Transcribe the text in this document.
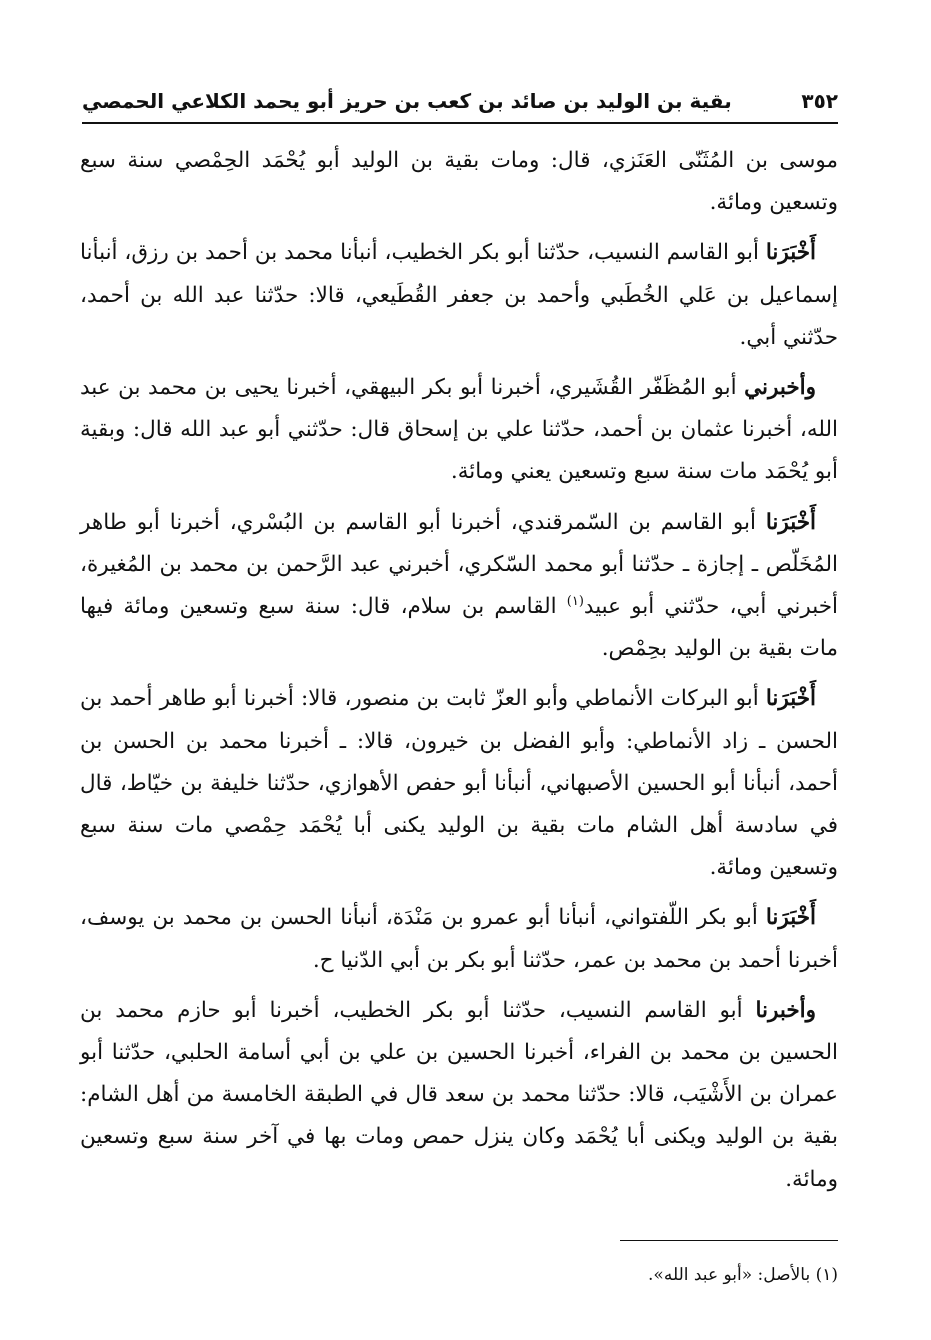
٣٥٢
بقية بن الوليد بن صائد بن كعب بن حريز أبو يحمد الكلاعي الحمصي

موسى بن المُثَنّى العَنَزي، قال: ومات بقية بن الوليد أبو يُحْمَد الحِمْصي سنة سبع وتسعين ومائة.

أَخْبَرَنا أبو القاسم النسيب، حدّثنا أبو بكر الخطيب، أنبأنا محمد بن أحمد بن رزق، أنبأنا إسماعيل بن عَلي الخُطَبي وأحمد بن جعفر القُطَيعي، قالا: حدّثنا عبد الله بن أحمد، حدّثني أبي.

وأخبرني أبو المُظَفّر القُشَيري، أخبرنا أبو بكر البيهقي، أخبرنا يحيى بن محمد بن عبد الله، أخبرنا عثمان بن أحمد، حدّثنا علي بن إسحاق قال: حدّثني أبو عبد الله قال: وبقية أبو يُحْمَد مات سنة سبع وتسعين يعني ومائة.

أَخْبَرَنا أبو القاسم بن السّمرقندي، أخبرنا أبو القاسم بن البُسْري، أخبرنا أبو طاهر المُخَلّص ـ إجازة ـ حدّثنا أبو محمد السّكري، أخبرني عبد الرَّحمن بن محمد بن المُغيرة، أخبرني أبي، حدّثني أبو عبيد$^{(١)}$ القاسم بن سلام، قال: سنة سبع وتسعين ومائة فيها مات بقية بن الوليد بحِمْص.

أَخْبَرَنا أبو البركات الأنماطي وأبو العزّ ثابت بن منصور، قالا: أخبرنا أبو طاهر أحمد بن الحسن ـ زاد الأنماطي: وأبو الفضل بن خيرون، قالا: ـ أخبرنا محمد بن الحسن بن أحمد، أنبأنا أبو الحسين الأصبهاني، أنبأنا أبو حفص الأهوازي، حدّثنا خليفة بن خيّاط، قال في سادسة أهل الشام مات بقية بن الوليد يكنى أبا يُحْمَد حِمْصي مات سنة سبع وتسعين ومائة.

أَخْبَرَنا أبو بكر اللّفتواني، أنبأنا أبو عمرو بن مَنْدَة، أنبأنا الحسن بن محمد بن يوسف، أخبرنا أحمد بن محمد بن عمر، حدّثنا أبو بكر بن أبي الدّنيا ح.

وأخبرنا أبو القاسم النسيب، حدّثنا أبو بكر الخطيب، أخبرنا أبو حازم محمد بن الحسين بن محمد بن الفراء، أخبرنا الحسين بن علي بن أبي أسامة الحلبي، حدّثنا أبو عمران بن الأَشْيَب، قالا: حدّثنا محمد بن سعد قال في الطبقة الخامسة من أهل الشام: بقية بن الوليد ويكنى أبا يُحْمَد وكان ينزل حمص ومات بها في آخر سنة سبع وتسعين ومائة.

(١) بالأصل: «أبو عبد الله».
